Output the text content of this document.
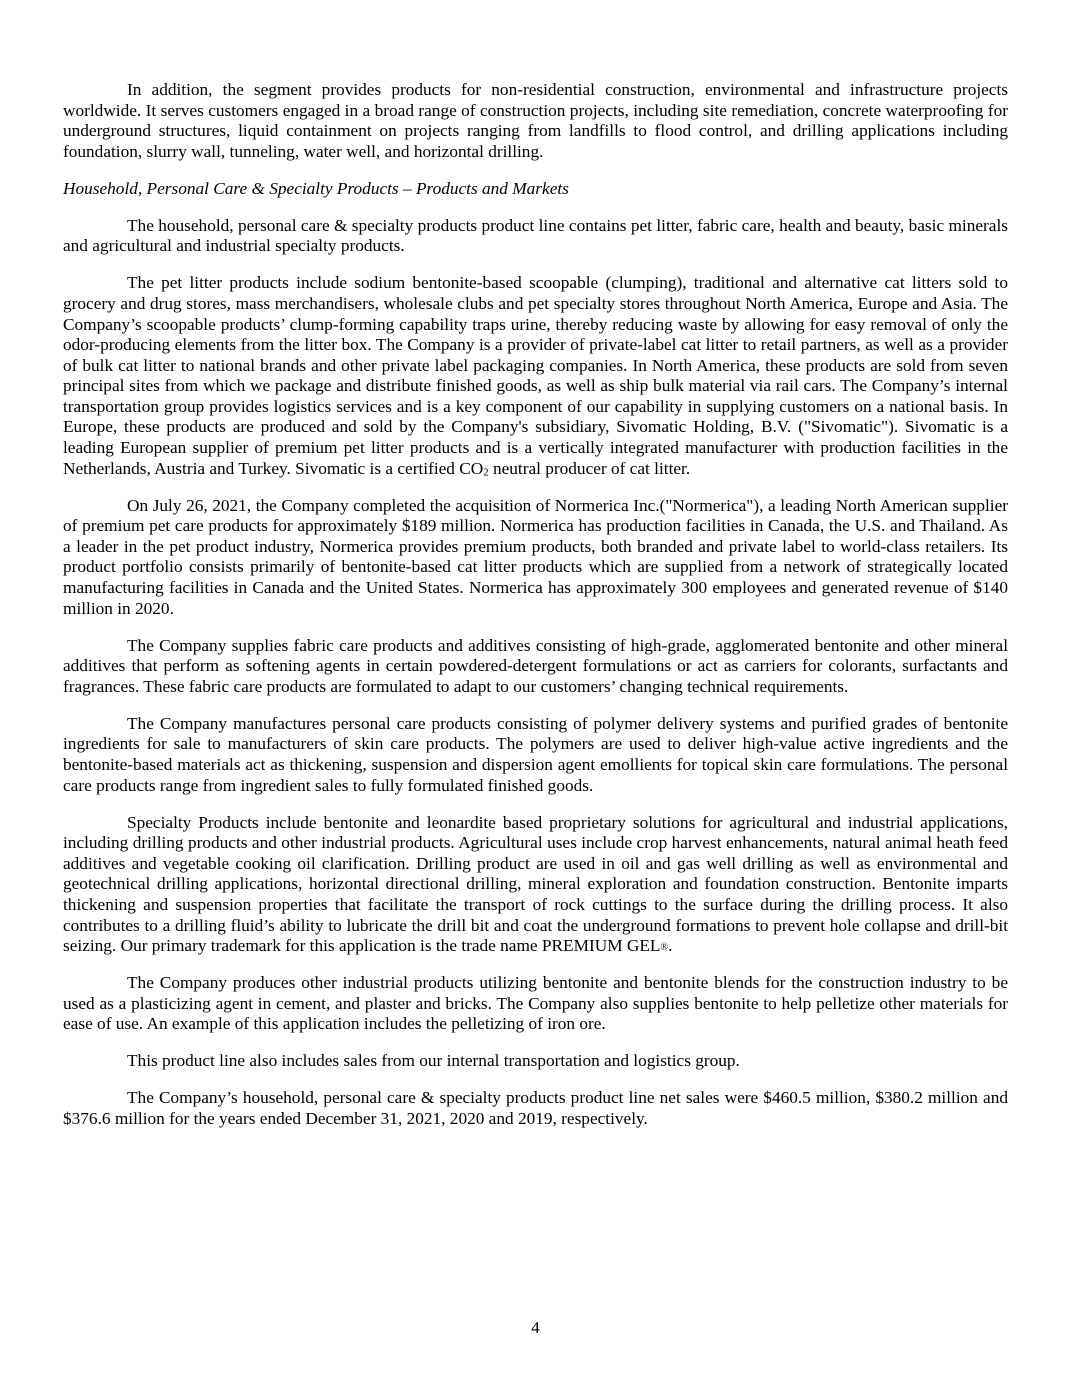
In addition, the segment provides products for non-residential construction, environmental and infrastructure projects worldwide. It serves customers engaged in a broad range of construction projects, including site remediation, concrete waterproofing for underground structures, liquid containment on projects ranging from landfills to flood control, and drilling applications including foundation, slurry wall, tunneling, water well, and horizontal drilling.

Household, Personal Care & Specialty Products – Products and Markets

The household, personal care & specialty products product line contains pet litter, fabric care, health and beauty, basic minerals and agricultural and industrial specialty products.

The pet litter products include sodium bentonite-based scoopable (clumping), traditional and alternative cat litters sold to grocery and drug stores, mass merchandisers, wholesale clubs and pet specialty stores throughout North America, Europe and Asia. The Company’s scoopable products’ clump-forming capability traps urine, thereby reducing waste by allowing for easy removal of only the odor-producing elements from the litter box. The Company is a provider of private-label cat litter to retail partners, as well as a provider of bulk cat litter to national brands and other private label packaging companies. In North America, these products are sold from seven principal sites from which we package and distribute finished goods, as well as ship bulk material via rail cars. The Company’s internal transportation group provides logistics services and is a key component of our capability in supplying customers on a national basis. In Europe, these products are produced and sold by the Company's subsidiary, Sivomatic Holding, B.V. ("Sivomatic"). Sivomatic is a leading European supplier of premium pet litter products and is a vertically integrated manufacturer with production facilities in the Netherlands, Austria and Turkey. Sivomatic is a certified $CO_2$ neutral producer of cat litter.

On July 26, 2021, the Company completed the acquisition of Normerica Inc.("Normerica"), a leading North American supplier of premium pet care products for approximately $189 million. Normerica has production facilities in Canada, the U.S. and Thailand. As a leader in the pet product industry, Normerica provides premium products, both branded and private label to world-class retailers. Its product portfolio consists primarily of bentonite-based cat litter products which are supplied from a network of strategically located manufacturing facilities in Canada and the United States. Normerica has approximately 300 employees and generated revenue of $140 million in 2020.

The Company supplies fabric care products and additives consisting of high-grade, agglomerated bentonite and other mineral additives that perform as softening agents in certain powdered-detergent formulations or act as carriers for colorants, surfactants and fragrances. These fabric care products are formulated to adapt to our customers’ changing technical requirements.

The Company manufactures personal care products consisting of polymer delivery systems and purified grades of bentonite ingredients for sale to manufacturers of skin care products. The polymers are used to deliver high-value active ingredients and the bentonite-based materials act as thickening, suspension and dispersion agent emollients for topical skin care formulations. The personal care products range from ingredient sales to fully formulated finished goods.

Specialty Products include bentonite and leonardite based proprietary solutions for agricultural and industrial applications, including drilling products and other industrial products. Agricultural uses include crop harvest enhancements, natural animal heath feed additives and vegetable cooking oil clarification. Drilling product are used in oil and gas well drilling as well as environmental and geotechnical drilling applications, horizontal directional drilling, mineral exploration and foundation construction. Bentonite imparts thickening and suspension properties that facilitate the transport of rock cuttings to the surface during the drilling process. It also contributes to a drilling fluid’s ability to lubricate the drill bit and coat the underground formations to prevent hole collapse and drill-bit seizing. Our primary trademark for this application is the trade name PREMIUM GEL®.

The Company produces other industrial products utilizing bentonite and bentonite blends for the construction industry to be used as a plasticizing agent in cement, and plaster and bricks. The Company also supplies bentonite to help pelletize other materials for ease of use. An example of this application includes the pelletizing of iron ore.

This product line also includes sales from our internal transportation and logistics group.

The Company’s household, personal care & specialty products product line net sales were $460.5 million, $380.2 million and $376.6 million for the years ended December 31, 2021, 2020 and 2019, respectively.

4
